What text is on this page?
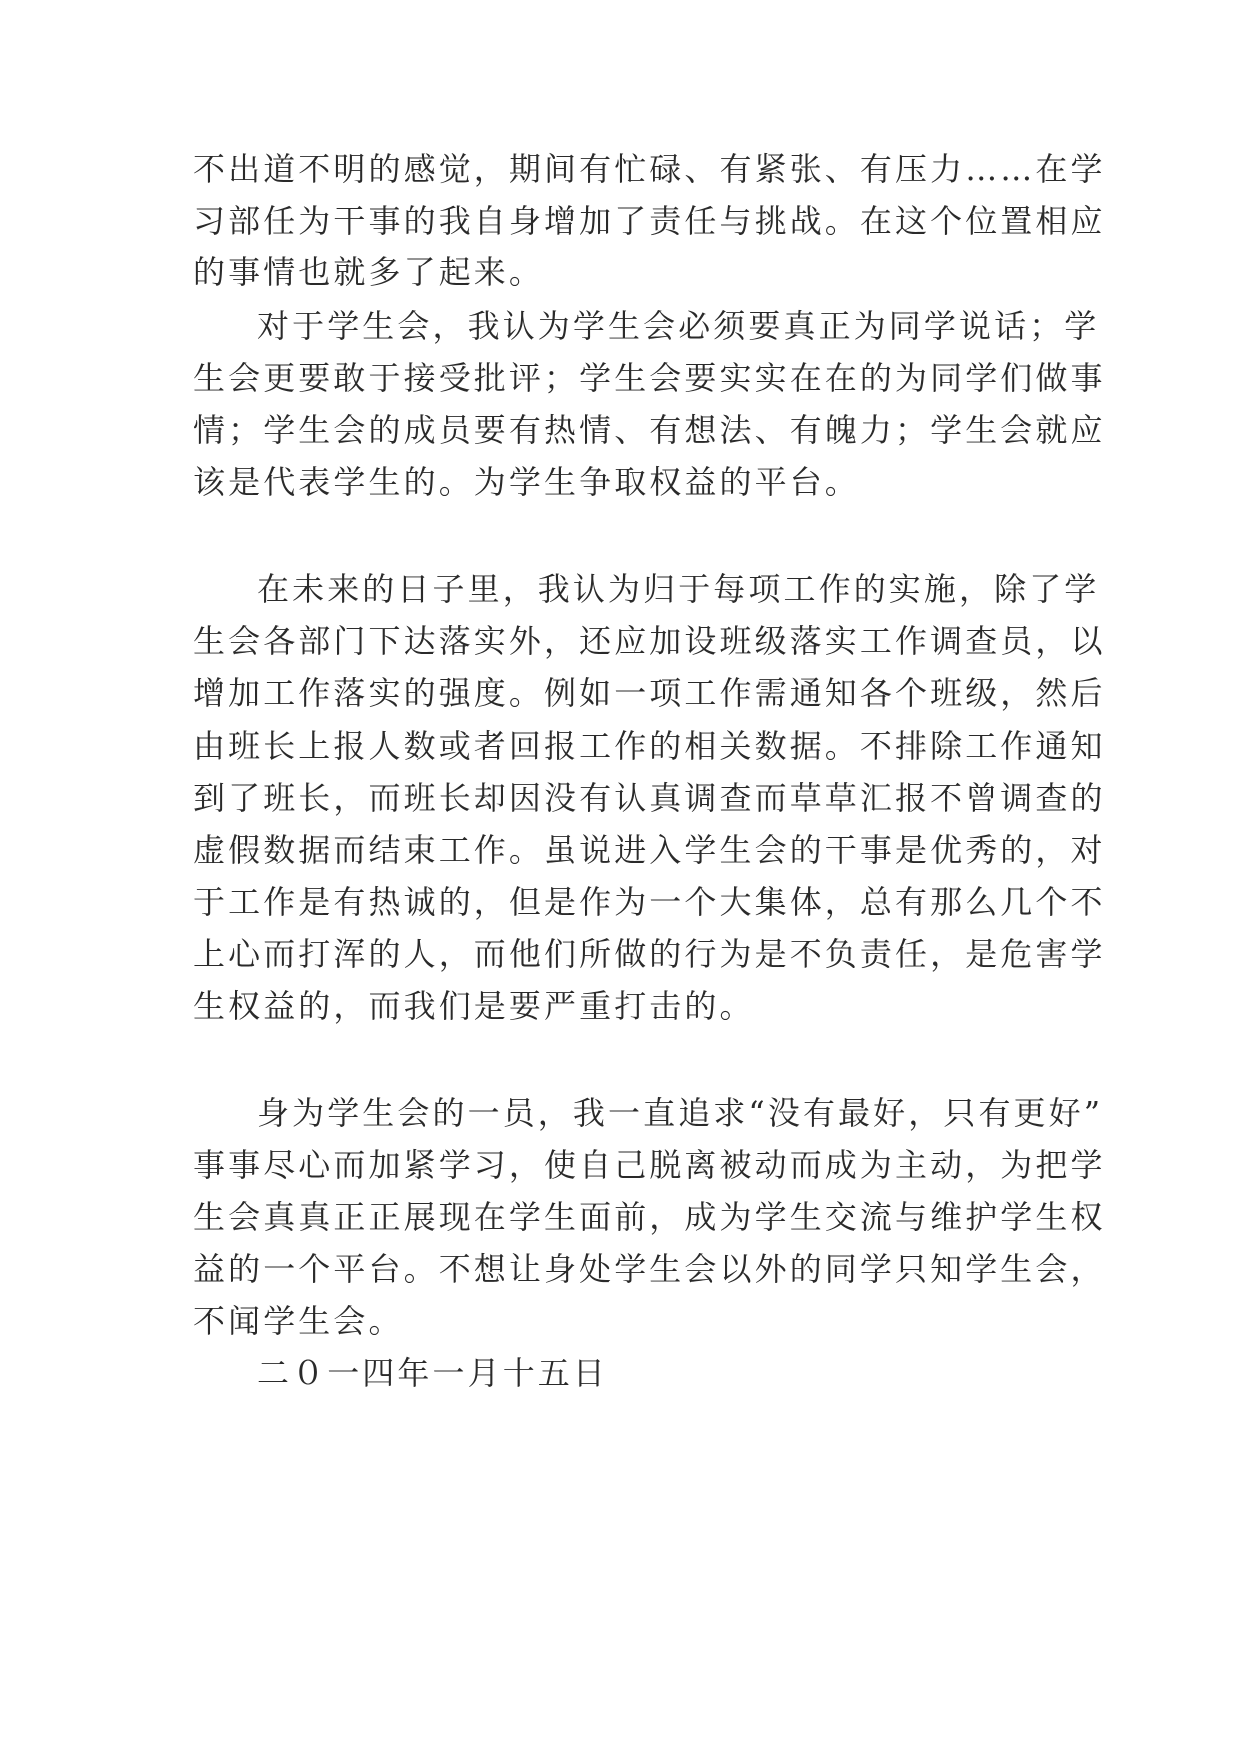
不出道不明的感觉，期间有忙碌、有紧张、有压力……在学
习部任为干事的我自身增加了责任与挑战。在这个位置相应
的事情也就多了起来。
对于学生会，我认为学生会必须要真正为同学说话；学
生会更要敢于接受批评；学生会要实实在在的为同学们做事
情；学生会的成员要有热情、有想法、有魄力；学生会就应
该是代表学生的。为学生争取权益的平台。
在未来的日子里，我认为归于每项工作的实施，除了学
生会各部门下达落实外，还应加设班级落实工作调查员，以
增加工作落实的强度。例如一项工作需通知各个班级，然后
由班长上报人数或者回报工作的相关数据。不排除工作通知
到了班长，而班长却因没有认真调查而草草汇报不曾调查的
虚假数据而结束工作。虽说进入学生会的干事是优秀的，对
于工作是有热诚的，但是作为一个大集体，总有那么几个不
上心而打浑的人，而他们所做的行为是不负责任，是危害学
生权益的，而我们是要严重打击的。
身为学生会的一员，我一直追求“没有最好，只有更好”
事事尽心而加紧学习，使自己脱离被动而成为主动，为把学
生会真真正正展现在学生面前，成为学生交流与维护学生权
益的一个平台。不想让身处学生会以外的同学只知学生会，
不闻学生会。
二０一四年一月十五日
